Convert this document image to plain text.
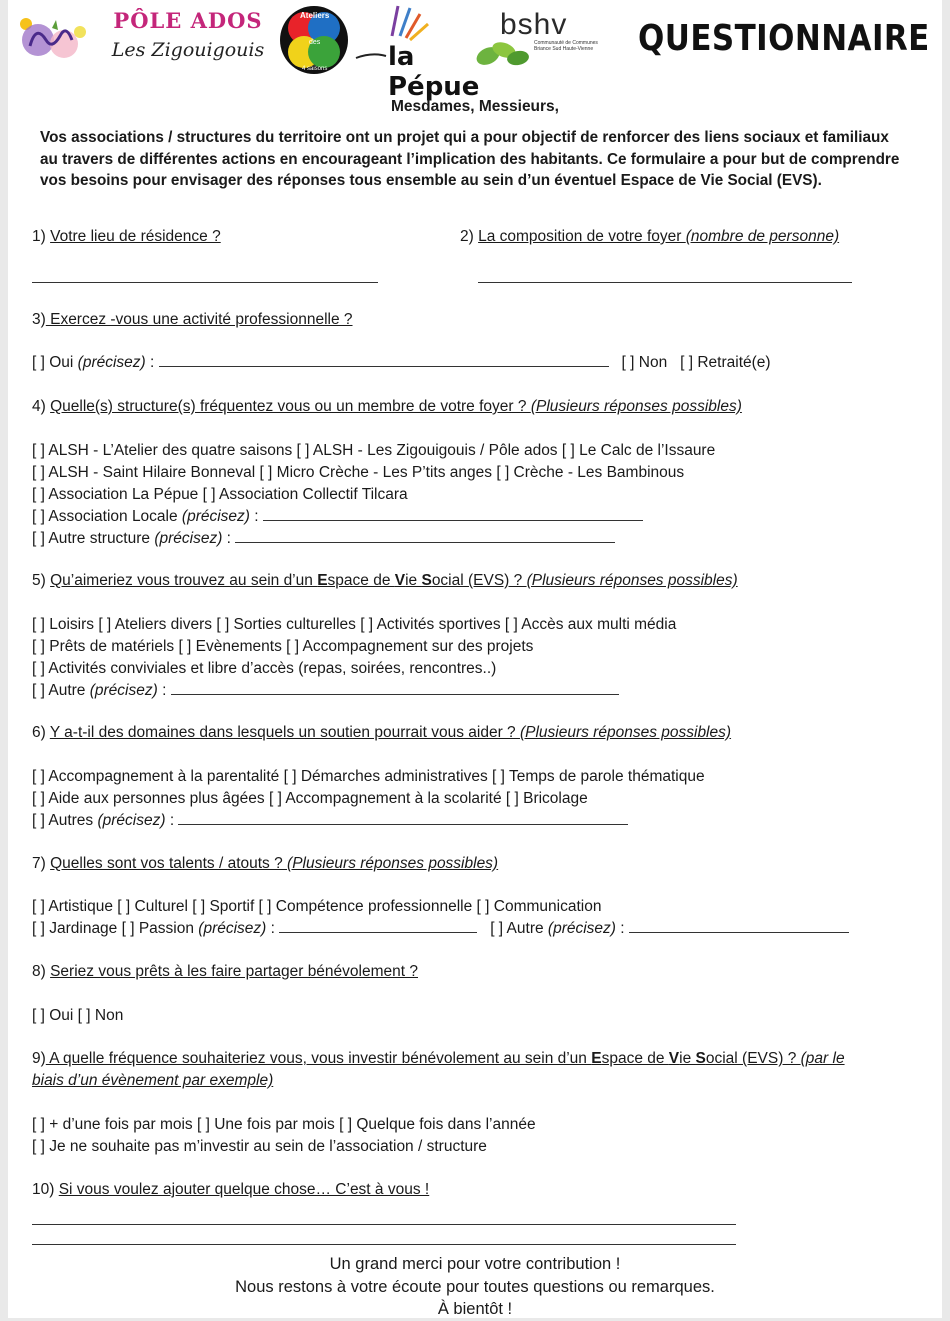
PÔLE ADOS
Les Zigouigouis
Ateliers
des
4 saisons la Pépue
bshv
Communauté de Communes Briance Sud Haute-Vienne	QUESTIONNAIRE
Mesdames, Messieurs,
Vos associations / structures du territoire ont un projet qui a pour objectif de renforcer des liens sociaux et familiaux au travers de différentes actions en encourageant l’implication des habitants. Ce formulaire a pour but de comprendre vos besoins pour envisager des réponses tous ensemble au sein d’un éventuel Espace de Vie Social (EVS).
1) Votre lieu de résidence ?	2) La composition de votre foyer (nombre de personne)
3) Exercez -vous une activité professionnelle ?
[ ] Oui (précisez) :	[ ] Non [ ] Retraité(e)
4) Quelle(s) structure(s) fréquentez vous ou un membre de votre foyer ? (Plusieurs réponses possibles)
[ ] ALSH - L’Atelier des quatre saisons [ ] ALSH - Les Zigouigouis / Pôle ados [ ] Le Calc de l’Issaure
[ ] ALSH - Saint Hilaire Bonneval [ ] Micro Crèche - Les P’tits anges [ ] Crèche - Les Bambinous
[ ] Association La Pépue [ ] Association Collectif Tilcara
[ ] Association Locale (précisez) :
[ ] Autre structure (précisez) :
5) Qu’aimeriez vous trouvez au sein d’un Espace de Vie Social (EVS) ? (Plusieurs réponses possibles)
[ ] Loisirs [ ] Ateliers divers [ ] Sorties culturelles [ ] Activités sportives [ ] Accès aux multi média
[ ] Prêts de matériels [ ] Evènements [ ] Accompagnement sur des projets
[ ] Activités conviviales et libre d’accès (repas, soirées, rencontres..)
[ ] Autre (précisez) :
6) Y a-t-il des domaines dans lesquels un soutien pourrait vous aider ? (Plusieurs réponses possibles)
[ ] Accompagnement à la parentalité [ ] Démarches administratives [ ] Temps de parole thématique
[ ] Aide aux personnes plus âgées [ ] Accompagnement à la scolarité [ ] Bricolage
[ ] Autres (précisez) :
7) Quelles sont vos talents / atouts ? (Plusieurs réponses possibles)
[ ] Artistique [ ] Culturel [ ] Sportif [ ] Compétence professionnelle [ ] Communication
[ ] Jardinage [ ] Passion (précisez) :	[ ] Autre (précisez) :
8) Seriez vous prêts à les faire partager bénévolement ?
[ ] Oui [ ] Non
9) A quelle fréquence souhaiteriez vous, vous investir bénévolement au sein d’un Espace de Vie Social (EVS) ? (par le
biais d’un évènement par exemple)
[ ] + d’une fois par mois [ ] Une fois par mois [ ] Quelque fois dans l’année
[ ] Je ne souhaite pas m’investir au sein de l’association / structure
10) Si vous voulez ajouter quelque chose… C’est à vous !
Un grand merci pour votre contribution !
Nous restons à votre écoute pour toutes questions ou remarques.
À bientôt !
